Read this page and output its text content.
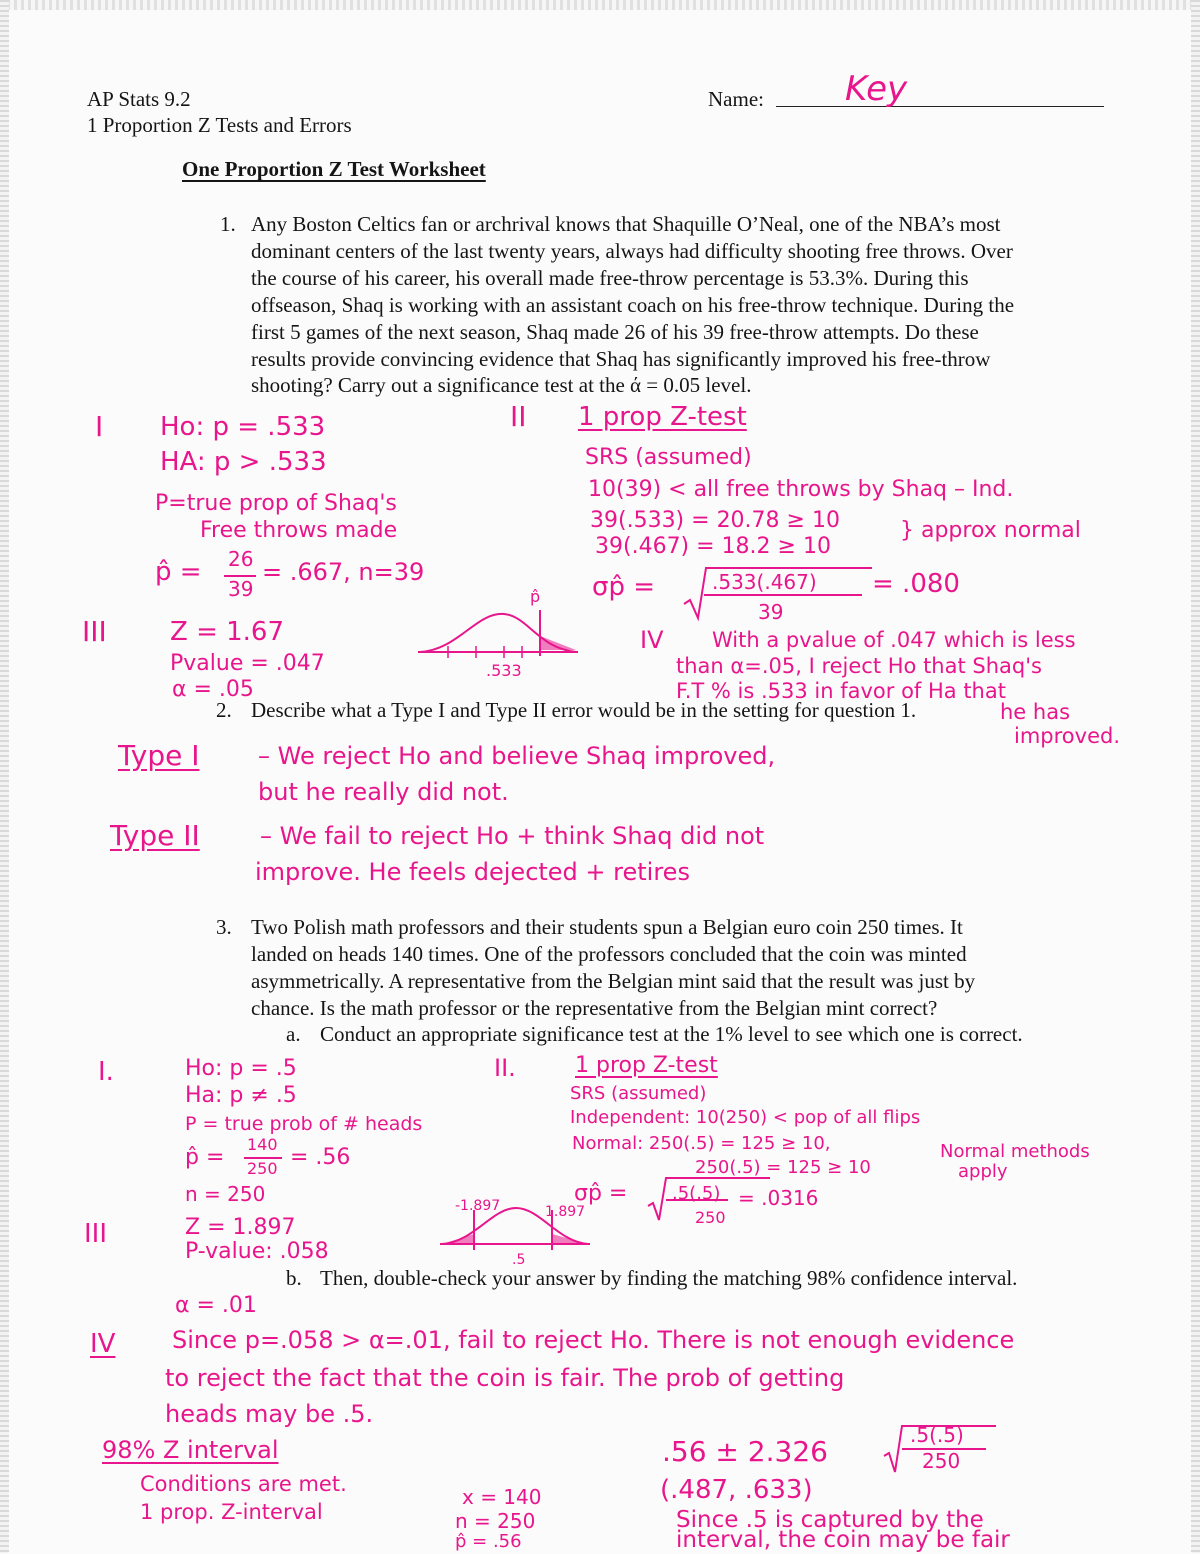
AP Stats 9.2
1 Proportion Z Tests and Errors
Name: Key
One Proportion Z Test Worksheet
1. Any Boston Celtics fan or archrival knows that Shaquille O’Neal, one of the NBA’s most
dominant centers of the last twenty years, always had difficulty shooting free throws. Over
the course of his career, his overall made free-throw percentage is 53.3%. During this
offseason, Shaq is working with an assistant coach on his free-throw technique. During the
first 5 games of the next season, Shaq made 26 of his 39 free-throw attempts. Do these
results provide convincing evidence that Shaq has significantly improved his free-throw
shooting? Carry out a significance test at the ά = 0.05 level.
I Ho: p = .533
HA: p > .533
P=true prop of Shaq's
Free throws made
p̂ = 26
39
= .667, n=39
II 1 prop Z-test
SRS (assumed)
10(39) < all free throws by Shaq – Ind.
39(.533) = 20.78 ≥ 10
39(.467) = 18.2 ≥ 10
} approx normal
σp̂ =	.533(.467)
39
= .080
III Z = 1.67
Pvalue = .047
α = .05
.533
p̂
IV With a pvalue of .047 which is less
than α=.05, I reject Ho that Shaq's
F.T % is .533 in favor of Ha that
he has
improved.
2. Describe what a Type I and Type II error would be in the setting for question 1.
Type I – We reject Ho and believe Shaq improved,
but he really did not.
Type II	– We fail to reject Ho + think Shaq did not
improve. He feels dejected + retires
3. Two Polish math professors and their students spun a Belgian euro coin 250 times. It
landed on heads 140 times. One of the professors concluded that the coin was minted
asymmetrically. A representative from the Belgian mint said that the result was just by
chance. Is the math professor or the representative from the Belgian mint correct?
a. Conduct an appropriate significance test at the 1% level to see which one is correct.
I.	Ho: p = .5
Ha: p ≠ .5
P = true prob of # heads
p̂ =
140
250 = .56
n = 250
II.	1 prop Z-test
SRS (assumed)
Independent: 10(250) < pop of all flips
Normal: 250(.5) = 125 ≥ 10,
250(.5) = 125 ≥ 10
Normal methods
apply
σp̂ = .5(.5)
250
= .0316
-1.897	1.897
.5
III	Z = 1.897
P-value: .058
b. Then, double-check your answer by finding the matching 98% confidence interval.
α = .01
IV Since p=.058 > α=.01, fail to reject Ho. There is not enough evidence
to reject the fact that the coin is fair. The prob of getting
heads may be .5.
98% Z interval
Conditions are met.
1 prop. Z-interval
x = 140
n = 250
p̂ = .56
.56 ± 2.326	.5(.5)
250
(.487, .633)
Since .5 is captured by the
interval, the coin may be fair
